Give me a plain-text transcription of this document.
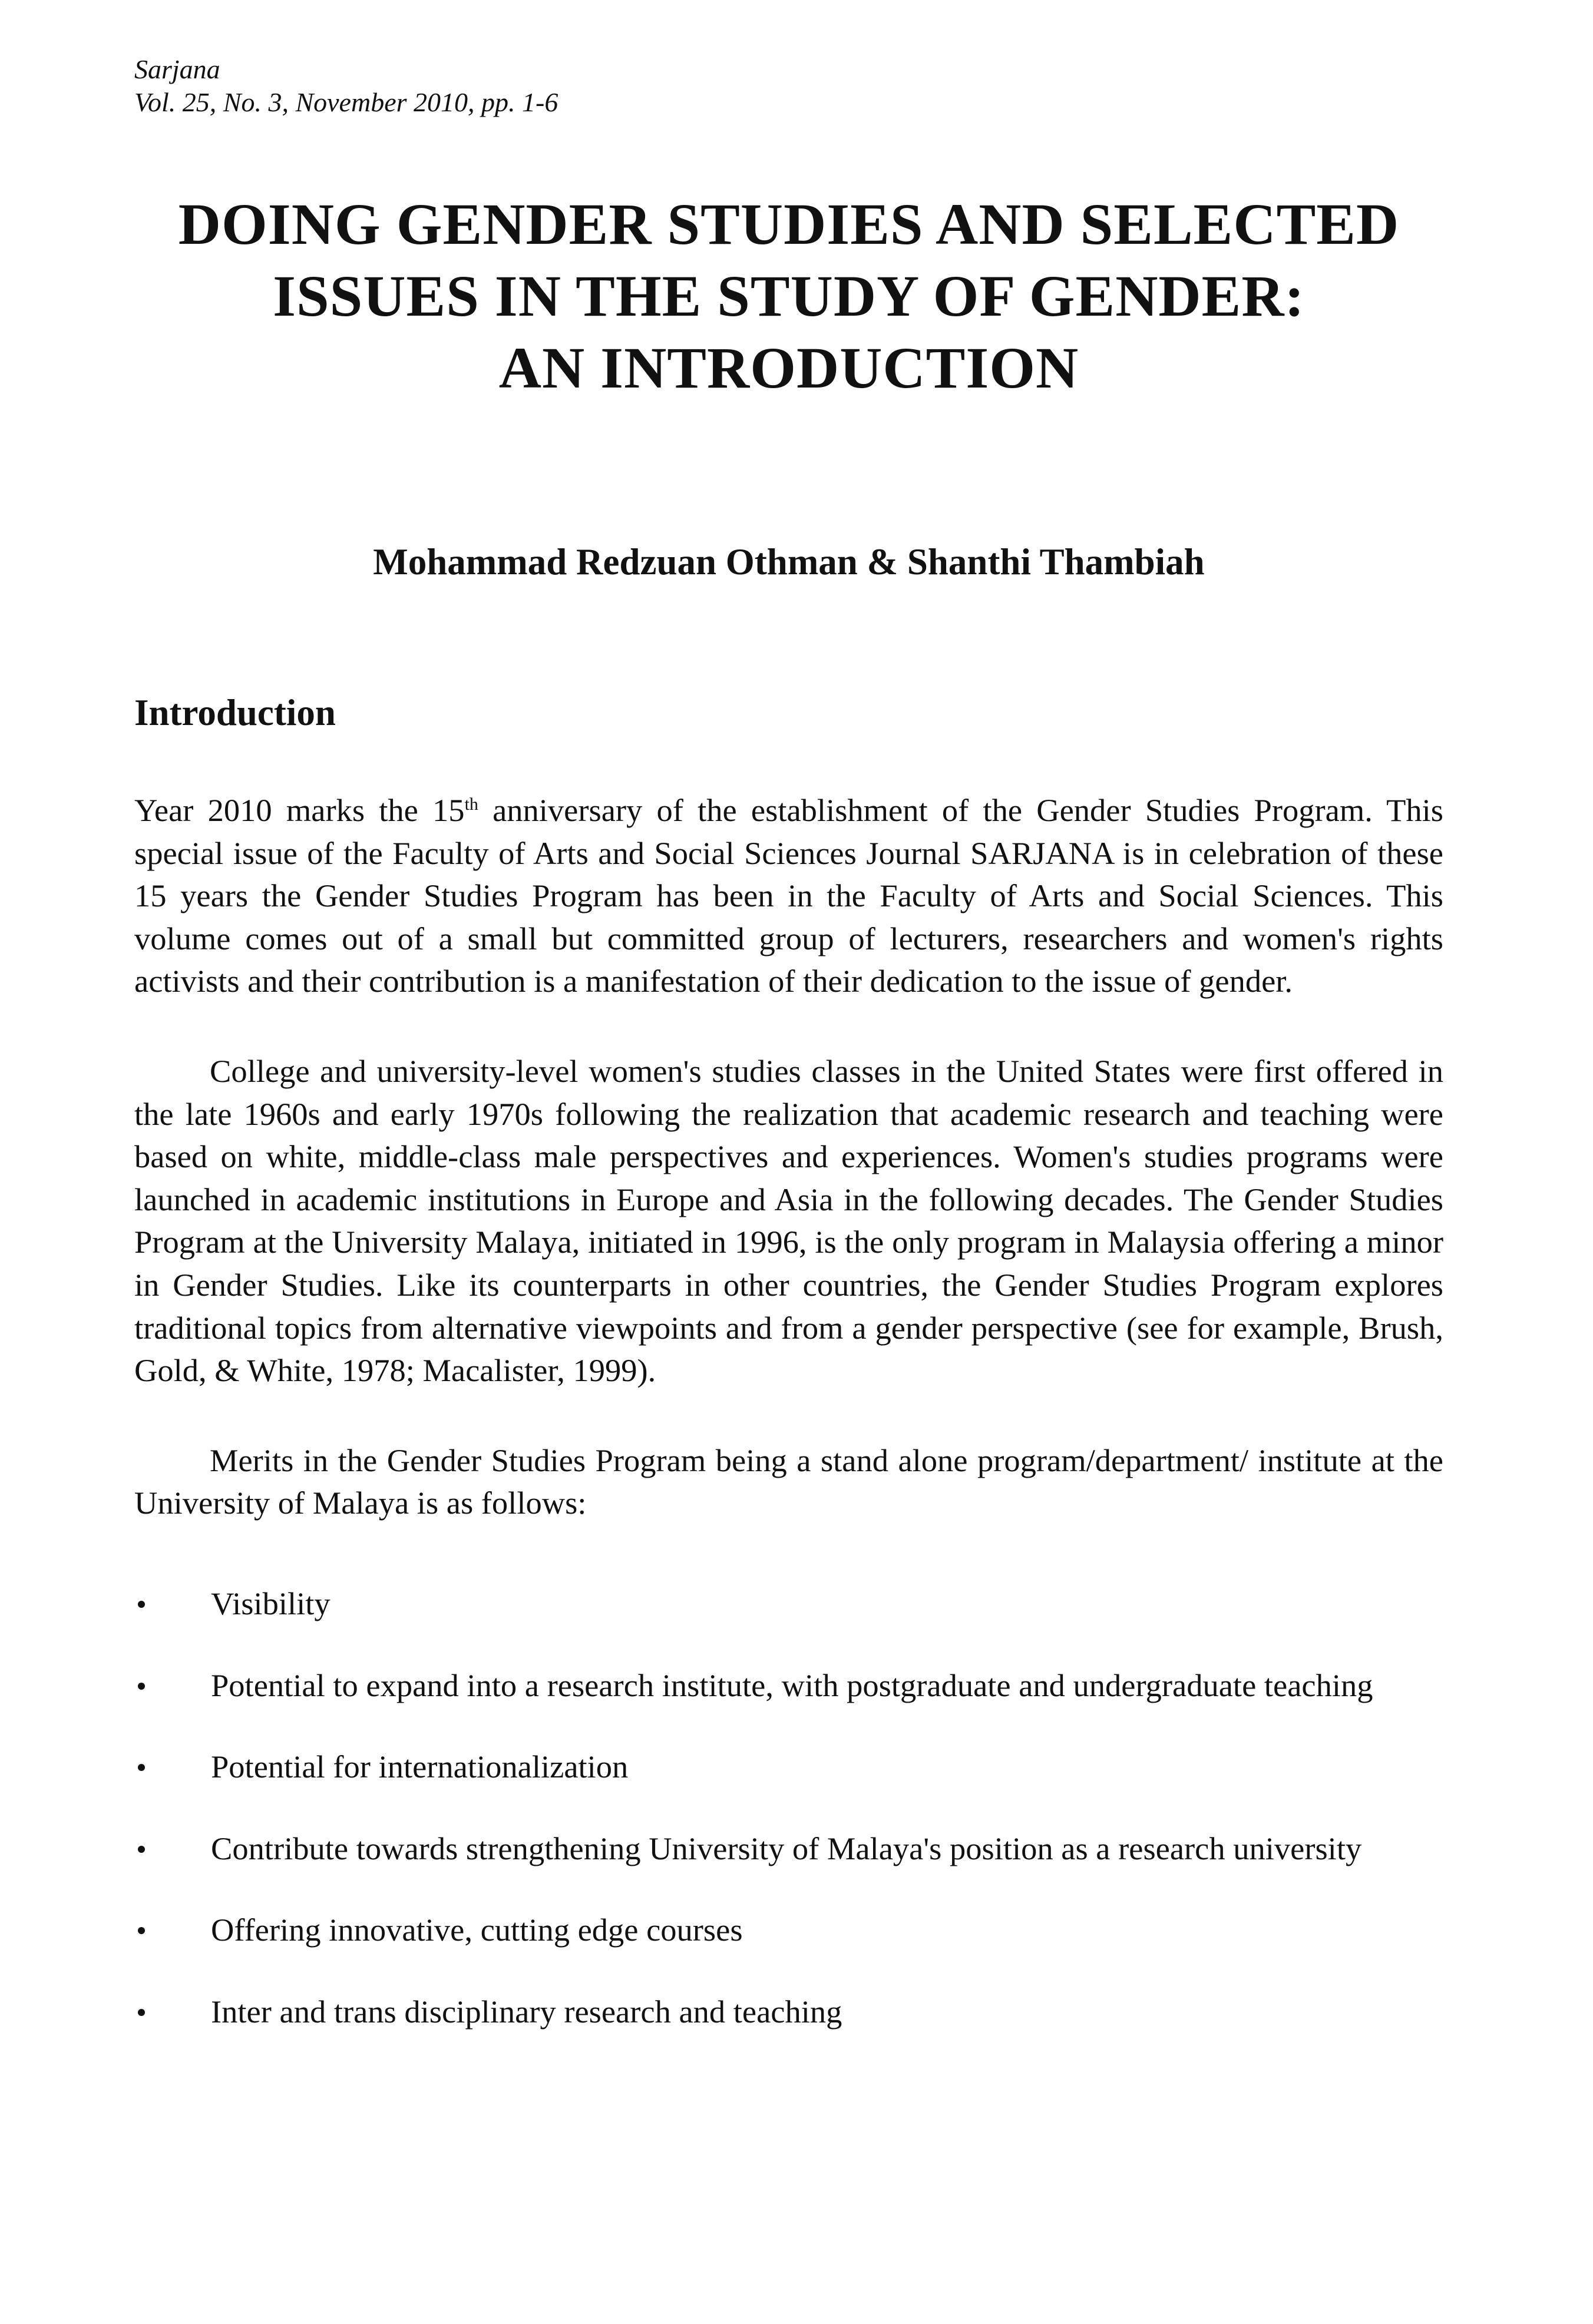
Sarjana
Vol. 25, No. 3, November 2010, pp. 1-6
DOING GENDER STUDIES AND SELECTED
ISSUES IN THE STUDY OF GENDER:
AN INTRODUCTION
Mohammad Redzuan Othman & Shanthi Thambiah
Introduction

Year 2010 marks the 15th anniversary of the establishment of the Gender Studies Program. This special issue of the Faculty of Arts and Social Sciences Journal SARJANA is in celebration of these 15 years the Gender Studies Program has been in the Faculty of Arts and Social Sciences. This volume comes out of a small but committed group of lecturers, researchers and women's rights activists and their contribution is a manifestation of their dedication to the issue of gender.

College and university-level women's studies classes in the United States were first offered in the late 1960s and early 1970s following the realization that academic research and teaching were based on white, middle-class male perspectives and experiences. Women's studies programs were launched in academic institutions in Europe and Asia in the following decades. The Gender Studies Program at the University Malaya, initiated in 1996, is the only program in Malaysia offering a minor in Gender Studies. Like its counterparts in other countries, the Gender Studies Program explores traditional topics from alternative viewpoints and from a gender perspective (see for example, Brush, Gold, & White, 1978; Macalister, 1999).

Merits in the Gender Studies Program being a stand alone program/department/ institute at the University of Malaya is as follows:

Visibility
Potential to expand into a research institute, with postgraduate and undergraduate teaching
Potential for internationalization
Contribute towards strengthening University of Malaya's position as a research university
Offering innovative, cutting edge courses
Inter and trans disciplinary research and teaching
